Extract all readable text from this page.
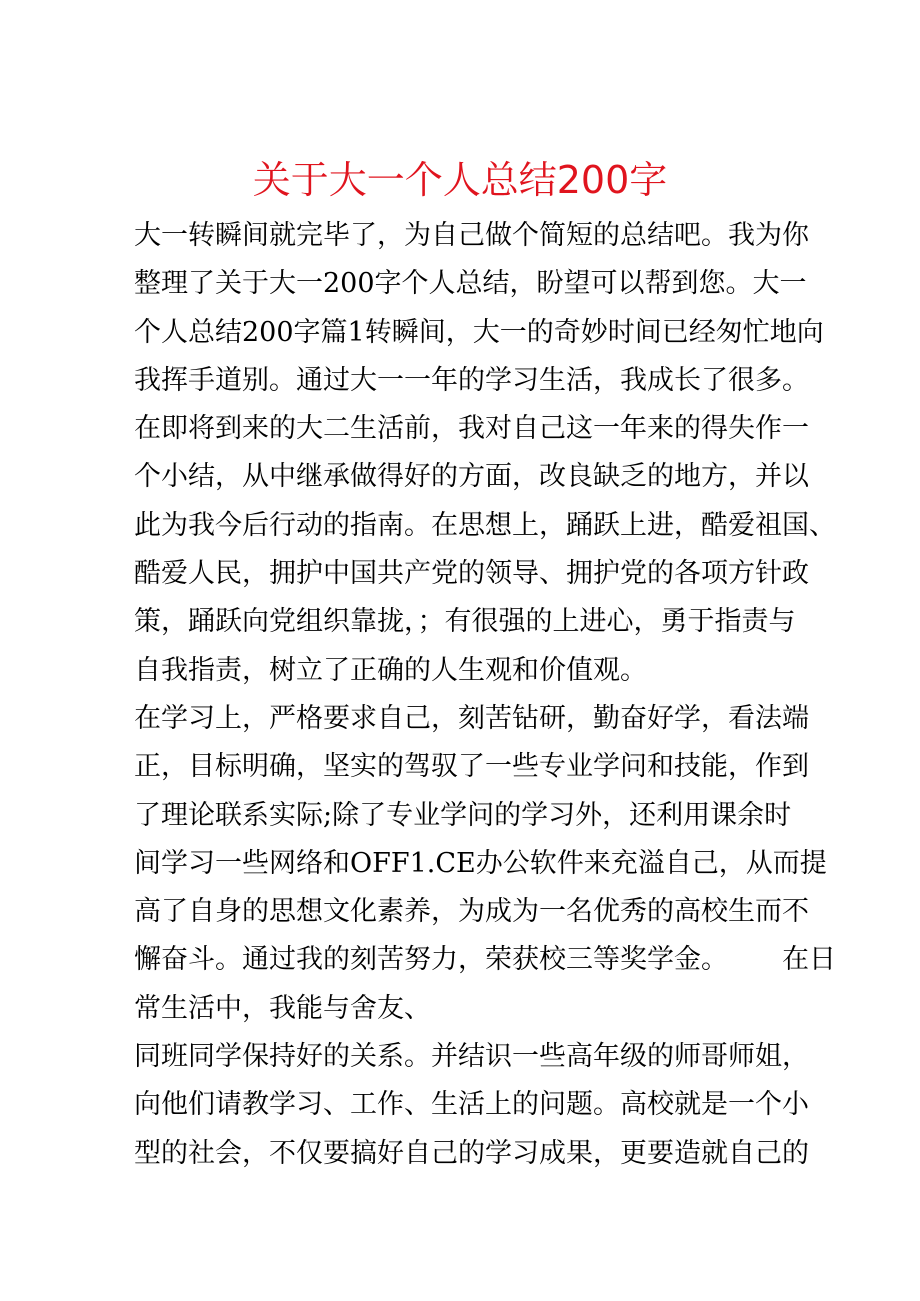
关于大一个人总结200字
大一转瞬间就完毕了，为自己做个简短的总结吧。我为你
整理了关于大一200字个人总结，盼望可以帮到您。大一
个人总结200字篇1转瞬间，大一的奇妙时间已经匆忙地向
我挥手道别。通过大一一年的学习生活，我成长了很多。
在即将到来的大二生活前，我对自己这一年来的得失作一
个小结，从中继承做得好的方面，改良缺乏的地方，并以
此为我今后行动的指南。在思想上，踊跃上进，酷爱祖国、
酷爱人民，拥护中国共产党的领导、拥护党的各项方针政
策，踊跃向党组织靠拢，；有很强的上进心，勇于指责与
自我指责，树立了正确的人生观和价值观。
在学习上，严格要求自己，刻苦钻研，勤奋好学，看法端
正，目标明确，坚实的驾驭了一些专业学问和技能，作到
了理论联系实际;除了专业学问的学习外，还利用课余时
间学习一些网络和OFF1.CE办公软件来充溢自己，从而提
高了自身的思想文化素养，为成为一名优秀的高校生而不
懈奋斗。通过我的刻苦努力，荣获校三等奖学金。 在日
常生活中，我能与舍友、
同班同学保持好的关系。并结识一些高年级的师哥师姐，
向他们请教学习、工作、生活上的问题。高校就是一个小
型的社会，不仅要搞好自己的学习成果，更要造就自己的
